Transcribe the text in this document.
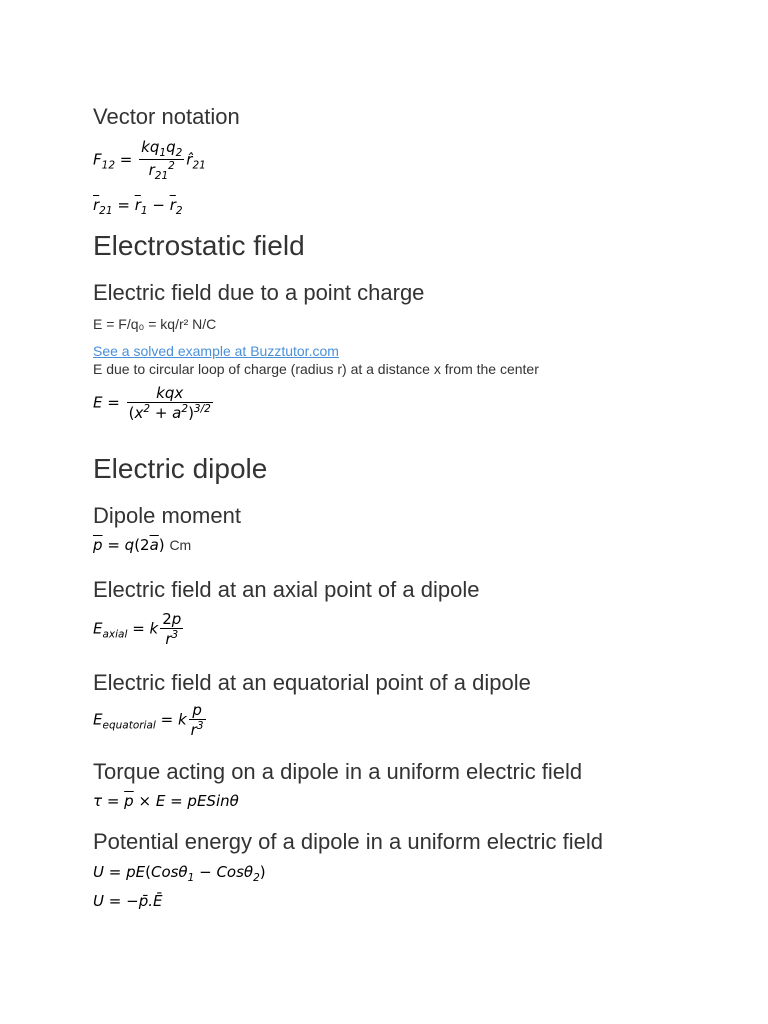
Vector notation
$F_{12} = \frac{kq_1q_2}{r_{21}^2}$ $r̂_{21}$
$\overline{r}_{21} = \overline{r}_1 - \overline{r}_2$
Electrostatic field
Electric field due to a point charge

E = F/q₀ = kq/r² N/C

See a solved example at Buzztutor.com

E due to circular loop of charge (radius r) at a distance x from the center

$E = \frac{\text{kqx}}{(x^2 + a^2)^{3/2}}$
Electric dipole
Dipole moment
$\overline{p} = q(2\overline{a})$ Cm
Electric field at an axial point of a dipole
$E_{axial} = k \frac{2p}{r^3}$
Electric field at an equatorial point of a dipole
$E_{equatorial} = k \frac{p}{r^3}$
Torque acting on a dipole in a uniform electric field
$\tau = \overline{p} \times E$ = pESinθ
Potential energy of a dipole in a uniform electric field
U = pE(Cosθ$_1$ − Cosθ$_2$)
U = −p̄.Ē
